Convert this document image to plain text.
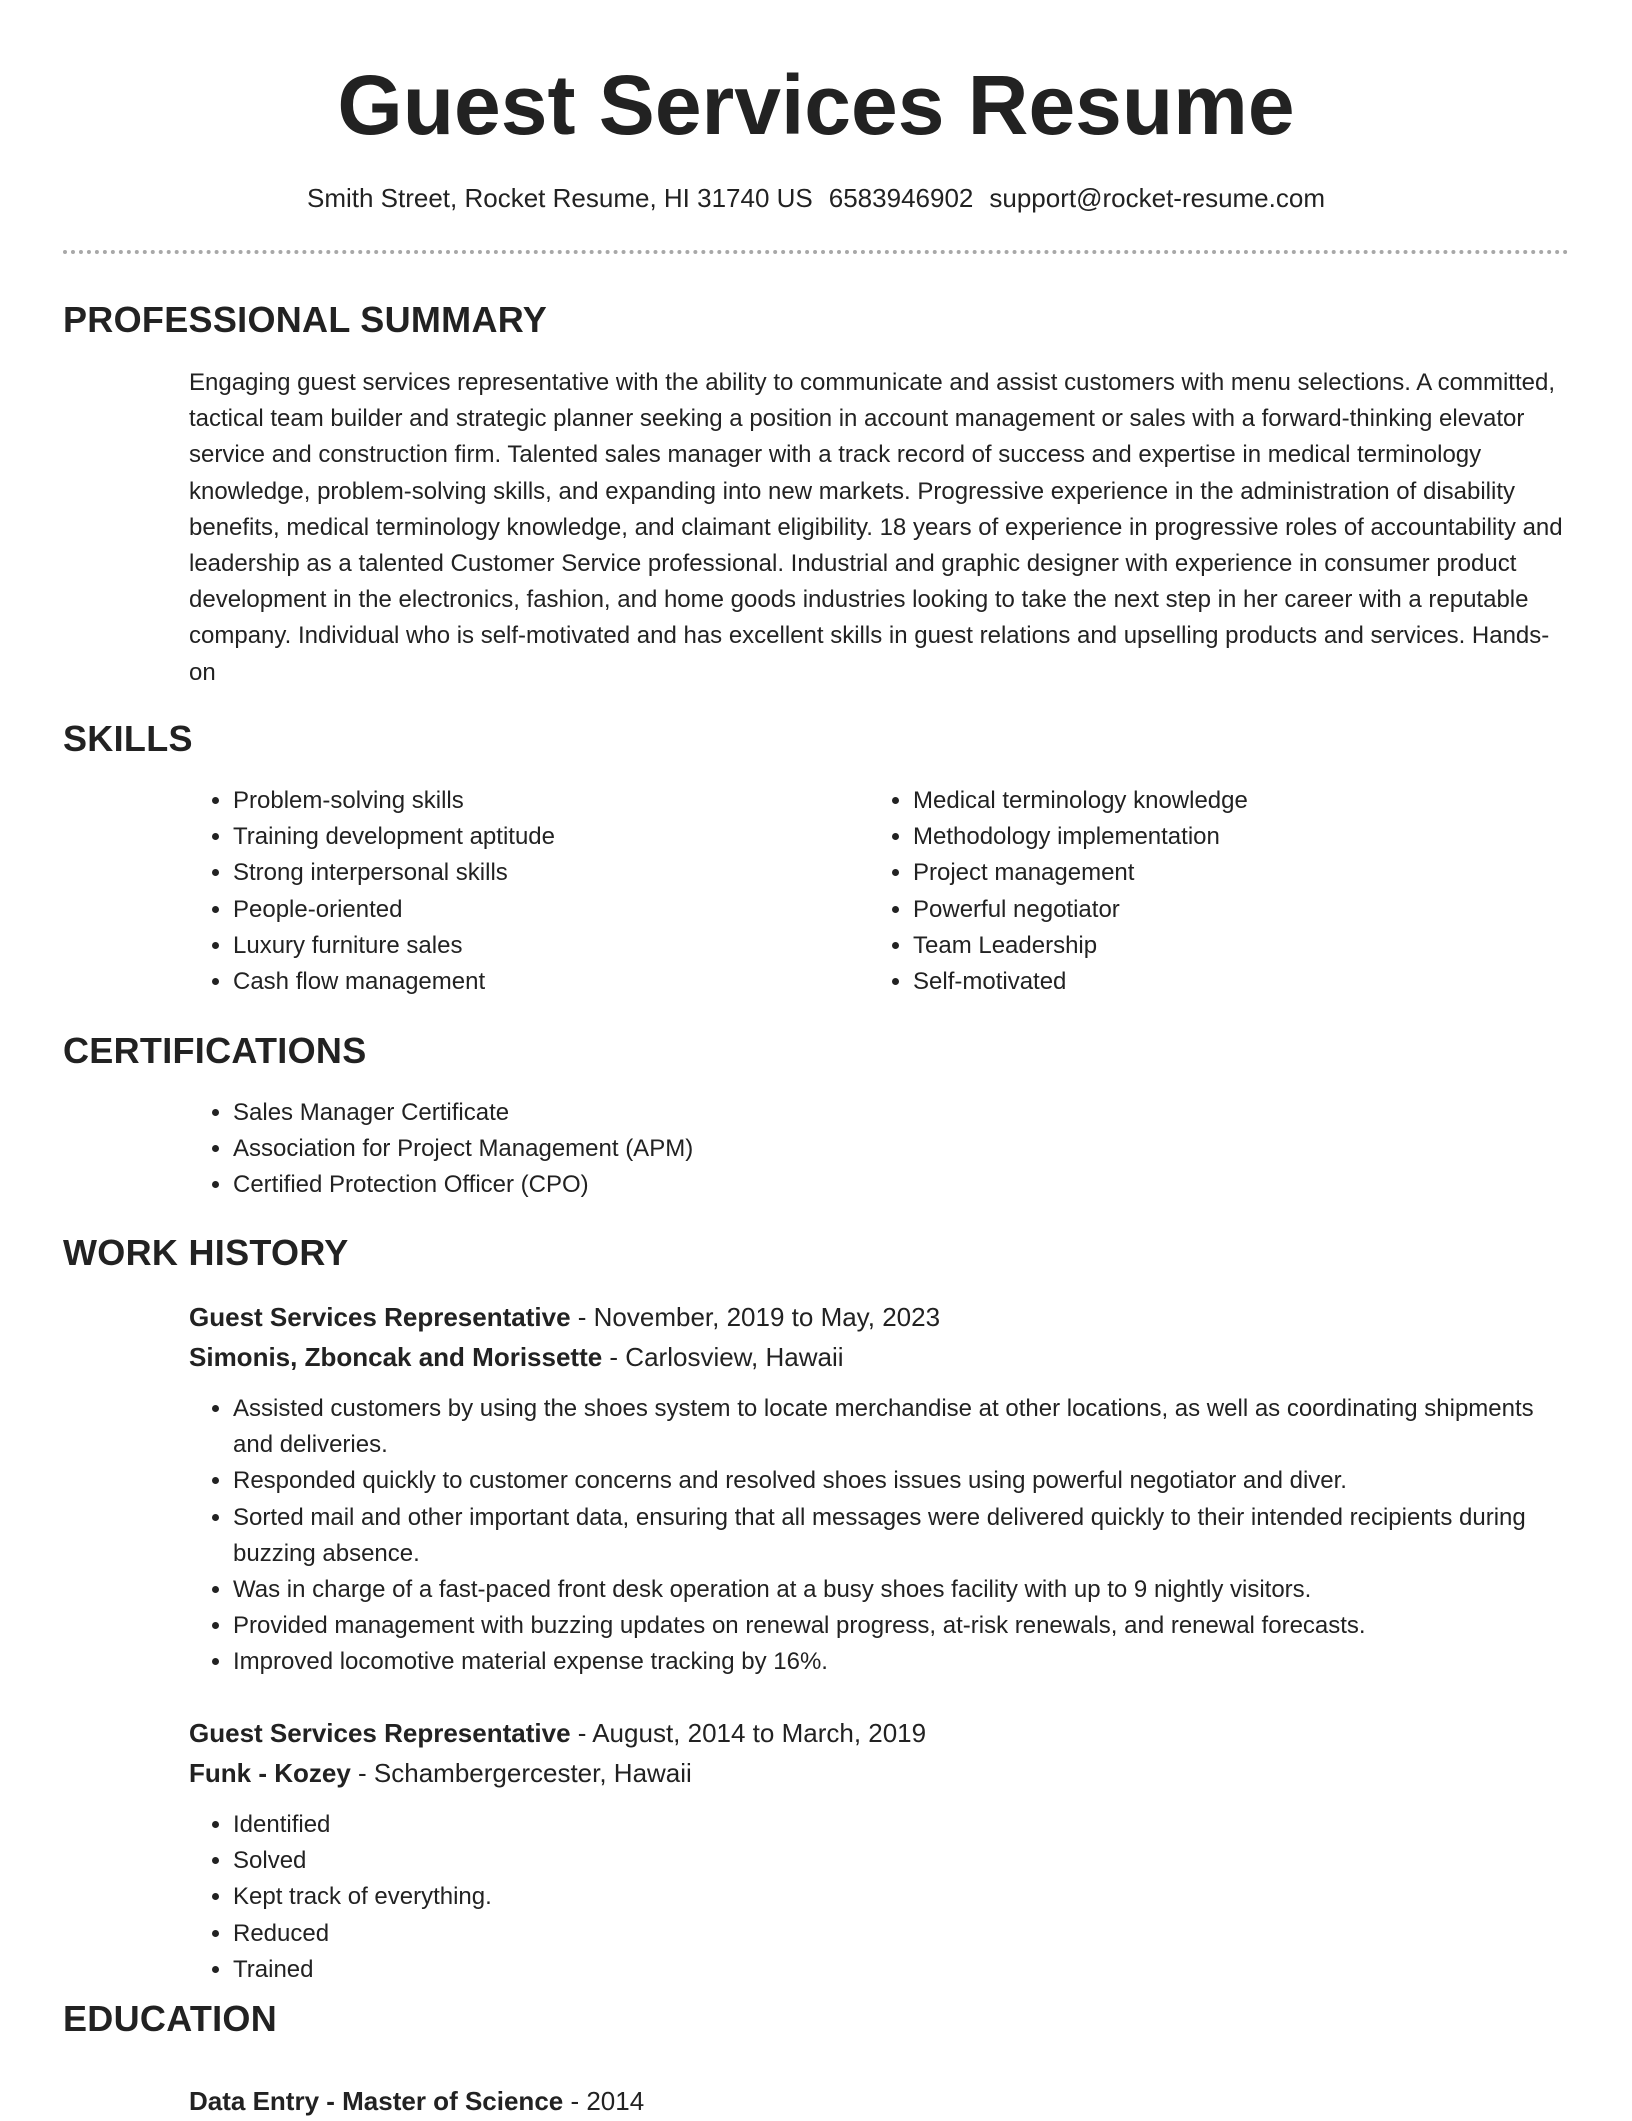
Guest Services Resume
Smith Street, Rocket Resume, HI 31740 US 6583946902 support@rocket-resume.com
PROFESSIONAL SUMMARY

Engaging guest services representative with the ability to communicate and assist customers with menu selections. A committed, tactical team builder and strategic planner seeking a position in account management or sales with a forward-thinking elevator service and construction firm. Talented sales manager with a track record of success and expertise in medical terminology knowledge, problem-solving skills, and expanding into new markets. Progressive experience in the administration of disability benefits, medical terminology knowledge, and claimant eligibility. 18 years of experience in progressive roles of accountability and leadership as a talented Customer Service professional. Industrial and graphic designer with experience in consumer product development in the electronics, fashion, and home goods industries looking to take the next step in her career with a reputable company. Individual who is self-motivated and has excellent skills in guest relations and upselling products and services. Hands-on

SKILLS
• Problem-solving skills
• Training development aptitude
• Strong interpersonal skills
• People-oriented
• Luxury furniture sales
• Cash flow management
• Medical terminology knowledge
• Methodology implementation
• Project management
• Powerful negotiator
• Team Leadership
• Self-motivated
CERTIFICATIONS
• Sales Manager Certificate
• Association for Project Management (APM)
• Certified Protection Officer (CPO)
WORK HISTORY
Guest Services Representative - November, 2019 to May, 2023
Simonis, Zboncak and Morissette - Carlosview, Hawaii
• Assisted customers by using the shoes system to locate merchandise at other locations, as well as coordinating shipments and deliveries.
• Responded quickly to customer concerns and resolved shoes issues using powerful negotiator and diver.
• Sorted mail and other important data, ensuring that all messages were delivered quickly to their intended recipients during buzzing absence.
• Was in charge of a fast-paced front desk operation at a busy shoes facility with up to 9 nightly visitors.
• Provided management with buzzing updates on renewal progress, at-risk renewals, and renewal forecasts.
• Improved locomotive material expense tracking by 16%.
Guest Services Representative - August, 2014 to March, 2019
Funk - Kozey - Schambergercester, Hawaii
• Identified
• Solved
• Kept track of everything.
• Reduced
• Trained
EDUCATION
Data Entry - Master of Science - 2014
